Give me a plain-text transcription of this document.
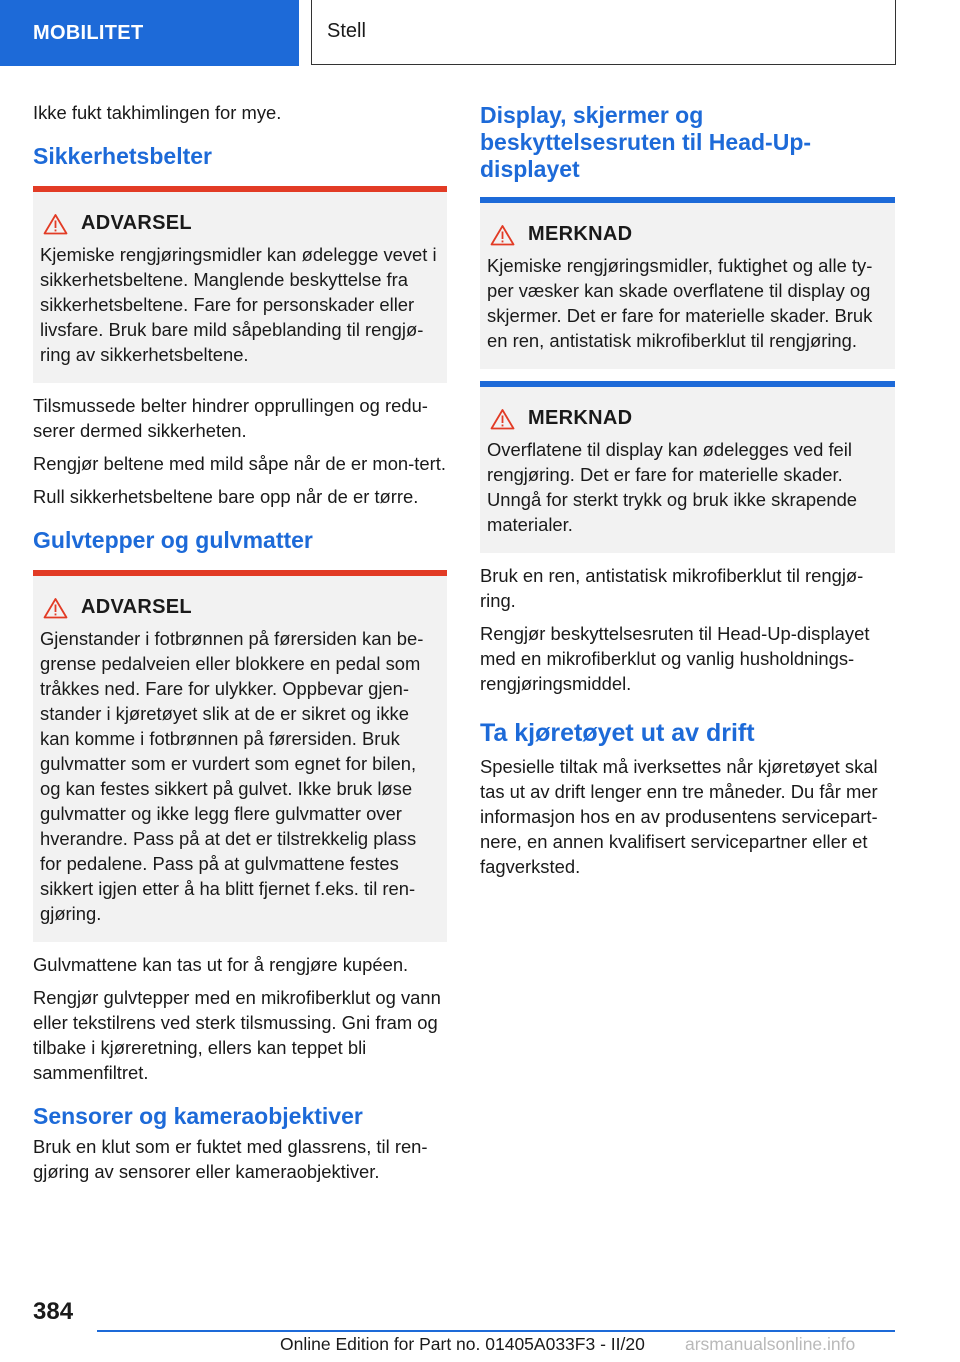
MOBILITET	Stell

Ikke fukt takhimlingen for mye.

Sikkerhetsbelter
ADVARSEL

Kjemiske rengjøringsmidler kan ødelegge vevet i sikkerhetsbeltene. Manglende beskyttelse fra sikkerhetsbeltene. Fare for personskader eller livsfare. Bruk bare mild såpeblanding til rengjø-ring av sikkerhetsbeltene.

Tilsmussede belter hindrer opprullingen og redu-serer dermed sikkerheten.

Rengjør beltene med mild såpe når de er mon-tert.

Rull sikkerhetsbeltene bare opp når de er tørre.

Gulvtepper og gulvmatter
ADVARSEL

Gjenstander i fotbrønnen på førersiden kan be-grense pedalveien eller blokkere en pedal som tråkkes ned. Fare for ulykker. Oppbevar gjen-stander i kjøretøyet slik at de er sikret og ikke kan komme i fotbrønnen på førersiden. Bruk gulvmatter som er vurdert som egnet for bilen, og kan festes sikkert på gulvet. Ikke bruk løse gulvmatter og ikke legg flere gulvmatter over hverandre. Pass på at det er tilstrekkelig plass for pedalene. Pass på at gulvmattene festes sikkert igjen etter å ha blitt fjernet f.eks. til ren-gjøring.

Gulvmattene kan tas ut for å rengjøre kupéen.

Rengjør gulvtepper med en mikrofiberklut og vann eller tekstilrens ved sterk tilsmussing. Gni fram og tilbake i kjøreretning, ellers kan teppet bli sammenfiltret.

Sensorer og kameraobjektiver

Bruk en klut som er fuktet med glassrens, til ren-gjøring av sensorer eller kameraobjektiver.

Display, skjermer og beskyttelsesruten til Head-Up-displayet
MERKNAD

Kjemiske rengjøringsmidler, fuktighet og alle ty-per væsker kan skade overflatene til display og skjermer. Det er fare for materielle skader. Bruk en ren, antistatisk mikrofiberklut til rengjøring.

MERKNAD

Overflatene til display kan ødelegges ved feil rengjøring. Det er fare for materielle skader. Unngå for sterkt trykk og bruk ikke skrapende materialer.

Bruk en ren, antistatisk mikrofiberklut til rengjø-ring.

Rengjør beskyttelsesruten til Head-Up-displayet med en mikrofiberklut og vanlig husholdnings-rengjøringsmiddel.

Ta kjøretøyet ut av drift

Spesielle tiltak må iverksettes når kjøretøyet skal tas ut av drift lenger enn tre måneder. Du får mer informasjon hos en av produsentens servicepart-nere, en annen kvalifisert servicepartner eller et fagverksted.

384
Online Edition for Part no. 01405A033F3 - II/20 arsmanualsonline.info
